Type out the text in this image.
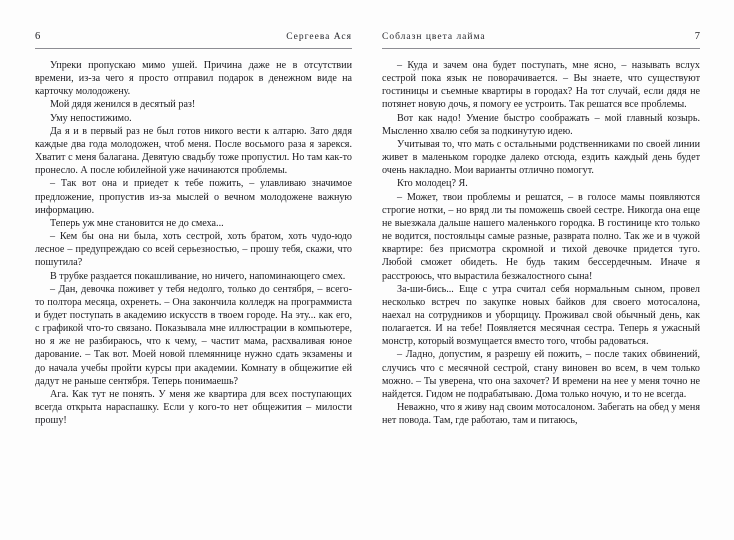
6	Сергеева Ася

Упреки пропускаю мимо ушей. Причина даже не в отсутствии времени, из-за чего я просто отправил подарок в денежном виде на карточку молодожену.

Мой дядя женился в десятый раз!

Уму непостижимо.

Да я и в первый раз не был готов никого вести к алтарю. Зато дядя каждые два года молодожен, чтоб меня. После восьмого раза я зарекся. Хватит с меня балагана. Девятую свадьбу тоже пропустил. Но там как-то пронесло. А после юбилейной уже начинаются проблемы.

– Так вот она и приедет к тебе пожить, – улавливаю значимое предложение, пропустив из-за мыслей о вечном молодожене важную информацию.

Теперь уж мне становится не до смеха...

– Кем бы она ни была, хоть сестрой, хоть братом, хоть чудо-юдо лесное – предупреждаю со всей серьезностью, – прошу тебя, скажи, что пошутила?

В трубке раздается покашливание, но ничего, напоминающего смех.

– Дан, девочка поживет у тебя недолго, только до сентября, – всего-то полтора месяца, охренеть. – Она закончила колледж на программиста и будет поступать в академию искусств в твоем городе. На эту... как его, с графикой что-то связано. Показывала мне иллюстрации в компьютере, но я же не разбираюсь, что к чему, – частит мама, расхваливая юное дарование. – Так вот. Моей новой племяннице нужно сдать экзамены и до начала учебы пройти курсы при академии. Комнату в общежитие ей дадут не раньше сентября. Теперь понимаешь?

Ага. Как тут не понять. У меня же квартира для всех поступающих всегда открыта нараспашку. Если у кого-то нет общежития – милости прошу!

Соблазн цвета лайма	7

– Куда и зачем она будет поступать, мне ясно, – называть вслух сестрой пока язык не поворачивается. – Вы знаете, что существуют гостиницы и съемные квартиры в городах? На тот случай, если дядя не потянет новую дочь, я помогу ее устроить. Так решатся все проблемы.

Вот как надо! Умение быстро соображать – мой главный козырь. Мысленно хвалю себя за подкинутую идею.

Учитывая то, что мать с остальными родственниками по своей линии живет в маленьком городке далеко отсюда, ездить каждый день будет очень накладно. Мои варианты отлично помогут.

Кто молодец? Я.

– Может, твои проблемы и решатся, – в голосе мамы появляются строгие нотки, – но вряд ли ты поможешь своей сестре. Никогда она еще не выезжала дальше нашего маленького городка. В гостинице кто только не водится, постояльцы самые разные, разврата полно. Так же и в чужой квартире: без присмотра скромной и тихой девочке придется туго. Любой сможет обидеть. Не будь таким бессердечным. Иначе я расстроюсь, что вырастила безжалостного сына!

За-ши-бись... Еще с утра считал себя нормальным сыном, провел несколько встреч по закупке новых байков для своего мотосалона, наехал на сотрудников и уборщицу. Проживал свой обычный день, как полагается. И на тебе! Появляется месячная сестра. Теперь я ужасный монстр, который возмущается вместо того, чтобы радоваться.

– Ладно, допустим, я разрешу ей пожить, – после таких обвинений, случись что с месячной сестрой, стану виновен во всем, в чем только можно. – Ты уверена, что она захочет? И времени на нее у меня точно не найдется. Гидом не подрабатываю. Дома только ночую, и то не всегда.

Неважно, что я живу над своим мотосалоном. Забегать на обед у меня нет повода. Там, где работаю, там и питаюсь,
